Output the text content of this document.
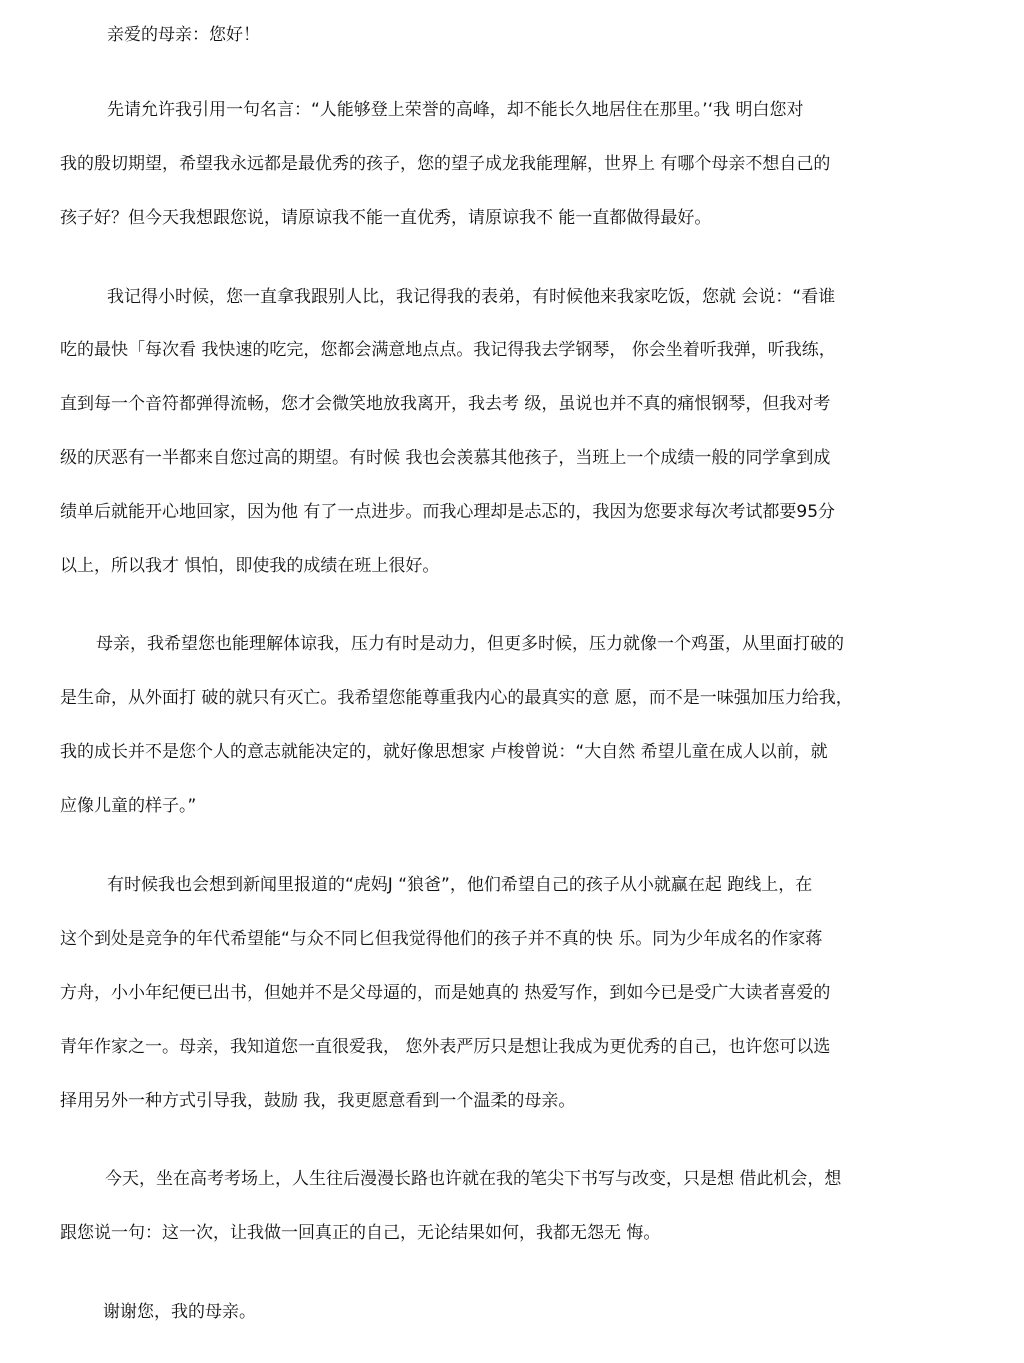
亲爱的母亲：您好！
先请允许我引用一句名言：“人能够登上荣誉的高峰，却不能长久地居住在那里。’‘我 明白您对
我的殷切期望，希望我永远都是最优秀的孩子，您的望子成龙我能理解，世界上 有哪个母亲不想自己的
孩子好？但今天我想跟您说，请原谅我不能一直优秀，请原谅我不 能一直都做得最好。
我记得小时候，您一直拿我跟别人比，我记得我的表弟，有时候他来我家吃饭，您就 会说：“看谁
吃的最快「每次看 我快速的吃完，您都会满意地点点。我记得我去学钢琴， 你会坐着听我弹，听我练，
直到每一个音符都弹得流畅，您才会微笑地放我离开，我去考 级，虽说也并不真的痛恨钢琴，但我对考
级的厌恶有一半都来自您过高的期望。有时候 我也会羡慕其他孩子，当班上一个成绩一般的同学拿到成
绩单后就能开心地回家，因为他 有了一点进步。而我心理却是忐忑的，我因为您要求每次考试都要95分
以上，所以我才 惧怕，即使我的成绩在班上很好。
母亲，我希望您也能理解体谅我，压力有时是动力，但更多时候，压力就像一个鸡蛋，从里面打破的
是生命，从外面打 破的就只有灭亡。我希望您能尊重我内心的最真实的意 愿，而不是一味强加压力给我，
我的成长并不是您个人的意志就能决定的，就好像思想家 卢梭曾说：“大自然 希望儿童在成人以前，就
应像儿童的样子。”
有时候我也会想到新闻里报道的“虎妈J “狼爸”，他们希望自己的孩子从小就赢在起 跑线上，在
这个到处是竞争的年代希望能“与众不同匕但我觉得他们的孩子并不真的快 乐。同为少年成名的作家蒋
方舟，小小年纪便已出书，但她并不是父母逼的，而是她真的 热爱写作，到如今已是受广大读者喜爱的
青年作家之一。母亲，我知道您一直很爱我， 您外表严厉只是想让我成为更优秀的自己，也许您可以选
择用另外一种方式引导我，鼓励 我，我更愿意看到一个温柔的母亲。
今天，坐在高考考场上，人生往后漫漫长路也许就在我的笔尖下书写与改变，只是想 借此机会，想
跟您说一句：这一次，让我做一回真正的自己，无论结果如何，我都无怨无 悔。
谢谢您，我的母亲。
